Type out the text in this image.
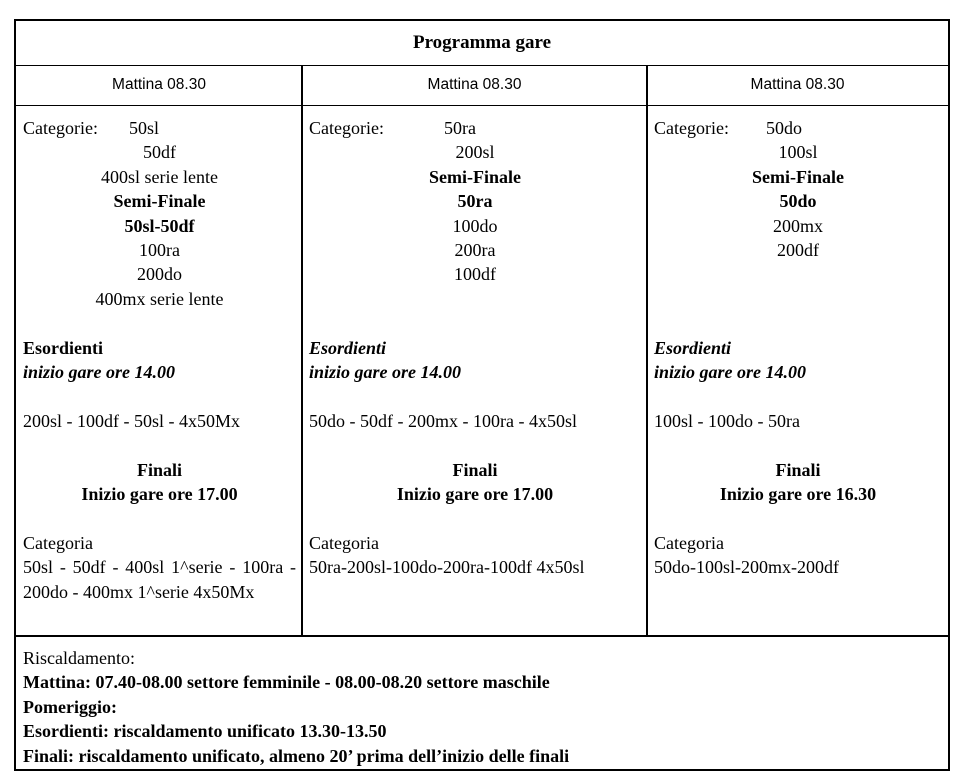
Programma gare
Mattina 08.30	Mattina 08.30	Mattina 08.30
Categorie: 50sl
50df
400sl serie lente
Semi-Finale
50sl-50df
100ra
200do
400mx serie lente
Esordienti
inizio gare ore 14.00
200sl - 100df - 50sl - 4x50Mx
Finali
Inizio gare ore 17.00
Categoria
50sl - 50df - 400sl 1^serie - 100ra - 200do - 400mx 1^serie 4x50Mx
Categorie:	50ra
200sl
Semi-Finale
50ra
100do
200ra
100df
Esordienti
inizio gare ore 14.00
50do - 50df - 200mx - 100ra - 4x50sl
Finali
Inizio gare ore 17.00
Categoria
50ra-200sl-100do-200ra-100df 4x50sl
Categorie: 50do
100sl
Semi-Finale
50do
200mx
200df
Esordienti
inizio gare ore 14.00
100sl - 100do - 50ra
Finali
Inizio gare ore 16.30
Categoria
50do-100sl-200mx-200df
Riscaldamento:
Mattina: 07.40-08.00 settore femminile - 08.00-08.20 settore maschile
Pomeriggio:
Esordienti: riscaldamento unificato 13.30-13.50
Finali: riscaldamento unificato, almeno 20’ prima dell’inizio delle finali
